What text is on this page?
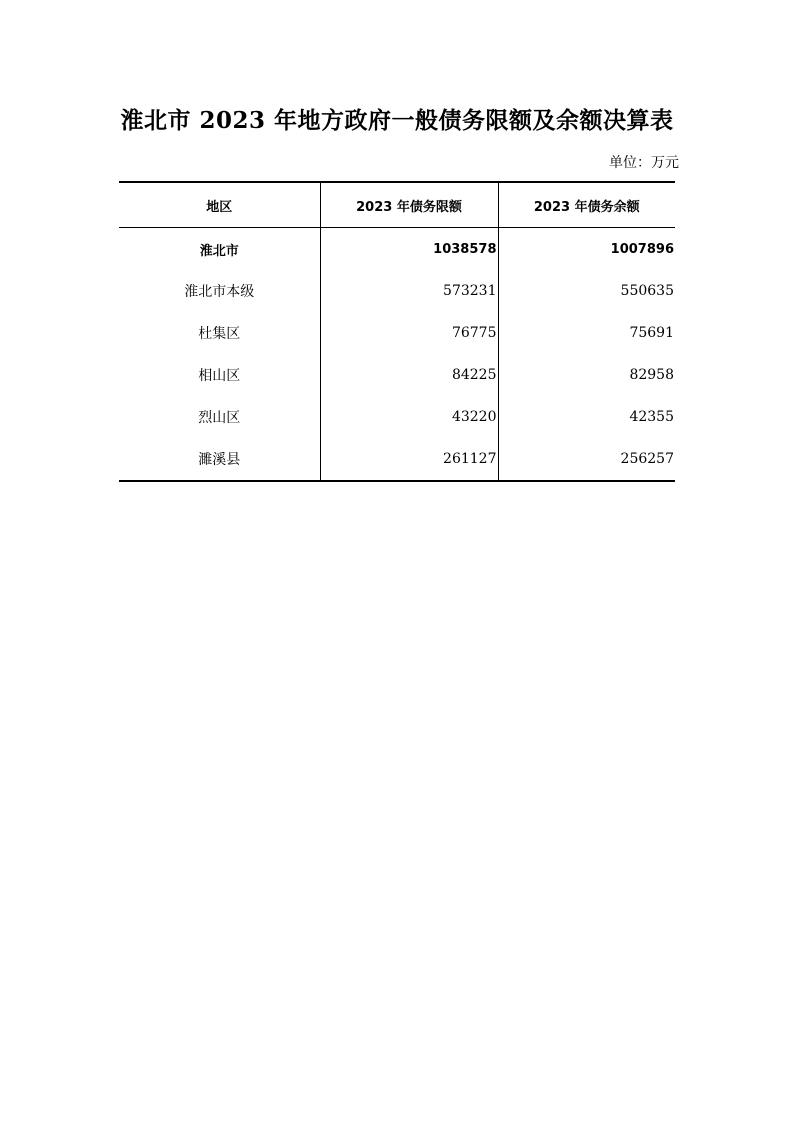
淮北市 2023 年地方政府一般债务限额及余额决算表
单位：万元
地区	2023 年债务限额	2023 年债务余额
淮北市	1038578	1007896
淮北市本级	573231	550635
杜集区	76775	75691
相山区	84225	82958
烈山区	43220	42355
濉溪县	261127	256257
